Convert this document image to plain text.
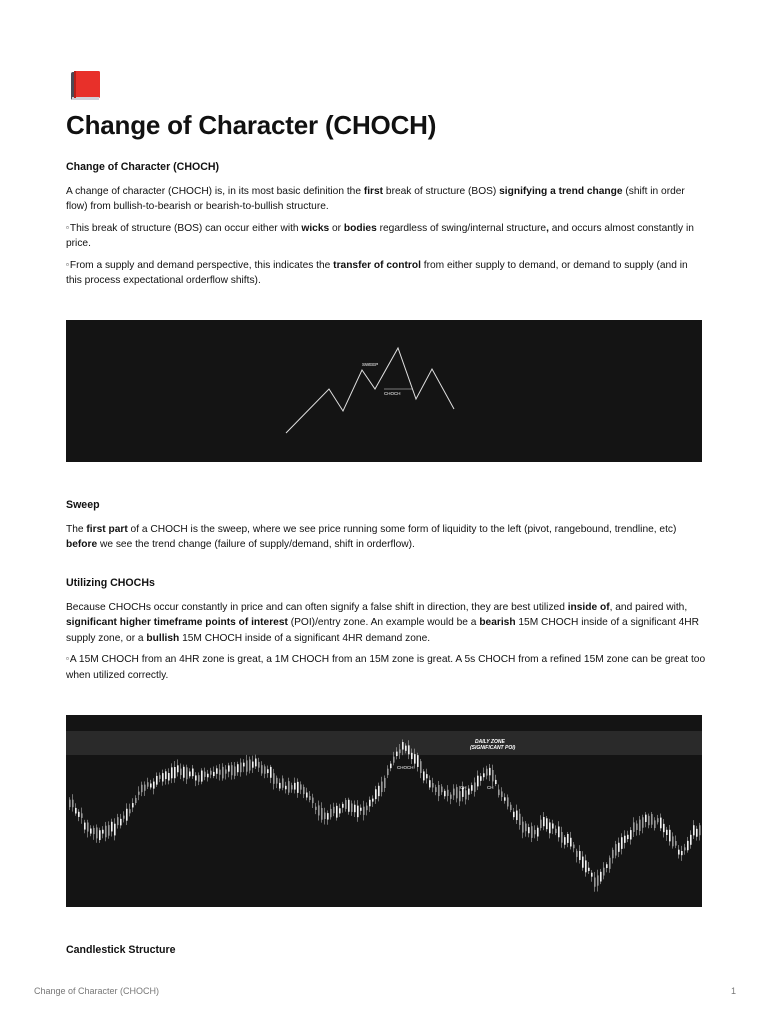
Change of Character (CHOCH)
Change of Character (CHOCH)

A change of character (CHOCH) is, in its most basic definition the first break of structure (BOS) signifying a trend change (shift in order flow) from bullish-to-bearish or bearish-to-bullish structure.

▫This break of structure (BOS) can occur either with wicks or bodies regardless of swing/internal structure, and occurs almost constantly in price.

▫From a supply and demand perspective, this indicates the transfer of control from either supply to demand, or demand to supply (and in this process expectational orderflow shifts).

SWEEP
CHOCH
Sweep

The first part of a CHOCH is the sweep, where we see price running some form of liquidity to the left (pivot, rangebound, trendline, etc) before we see the trend change (failure of supply/demand, shift in orderflow).

Utilizing CHOCHs

Because CHOCHs occur constantly in price and can often signify a false shift in direction, they are best utilized inside of, and paired with, significant higher timeframe points of interest (POI)/entry zone. An example would be a bearish 15M CHOCH inside of a significant 4HR supply zone, or a bullish 15M CHOCH inside of a significant 4HR demand zone.

▫A 15M CHOCH from an 4HR zone is great, a 1M CHOCH from an 15M zone is great. A 5s CHOCH from a refined 15M zone can be great too when utilized correctly.

DAILY ZONE
(SIGNIFICANT POI)
CHOCH
CH	CH
Candlestick Structure
Change of Character (CHOCH)	1
